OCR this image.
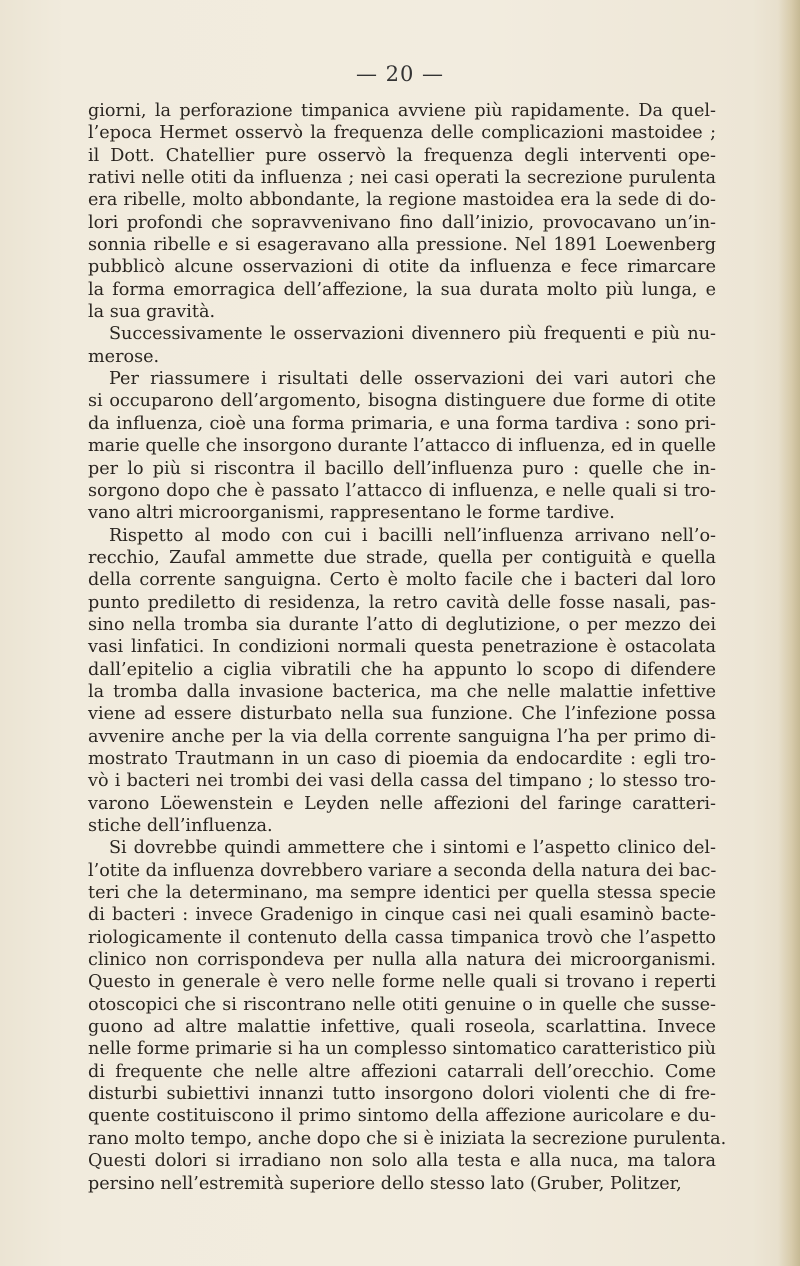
— 20 —

giorni, la perforazione timpanica avviene più rapidamente. Da quel-
l’epoca Hermet osservò la frequenza delle complicazioni mastoidee ;
il Dott. Chatellier pure osservò la frequenza degli interventi ope-
rativi nelle otiti da influenza ; nei casi operati la secrezione purulenta
era ribelle, molto abbondante, la regione mastoidea era la sede di do-
lori profondi che sopravvenivano fino dall’inizio, provocavano un’in-
sonnia ribelle e si esageravano alla pressione. Nel 1891 Loewenberg
pubblicò alcune osservazioni di otite da influenza e fece rimarcare
la forma emorragica dell’affezione, la sua durata molto più lunga, e
la sua gravità.

Successivamente le osservazioni divennero più frequenti e più nu-
merose.

Per riassumere i risultati delle osservazioni dei vari autori che
si occuparono dell’argomento, bisogna distinguere due forme di otite
da influenza, cioè una forma primaria, e una forma tardiva : sono pri-
marie quelle che insorgono durante l’attacco di influenza, ed in quelle
per lo più si riscontra il bacillo dell’influenza puro : quelle che in-
sorgono dopo che è passato l’attacco di influenza, e nelle quali si tro-
vano altri microorganismi, rappresentano le forme tardive.

Rispetto al modo con cui i bacilli nell’influenza arrivano nell’o-
recchio, Zaufal ammette due strade, quella per contiguità e quella
della corrente sanguigna. Certo è molto facile che i bacteri dal loro
punto prediletto di residenza, la retro cavità delle fosse nasali, pas-
sino nella tromba sia durante l’atto di deglutizione, o per mezzo dei
vasi linfatici. In condizioni normali questa penetrazione è ostacolata
dall’epitelio a ciglia vibratili che ha appunto lo scopo di difendere
la tromba dalla invasione bacterica, ma che nelle malattie infettive
viene ad essere disturbato nella sua funzione. Che l’infezione possa
avvenire anche per la via della corrente sanguigna l’ha per primo di-
mostrato Trautmann in un caso di pioemia da endocardite : egli tro-
vò i bacteri nei trombi dei vasi della cassa del timpano ; lo stesso tro-
varono Löewenstein e Leyden nelle affezioni del faringe caratteri-
stiche dell’influenza.

Si dovrebbe quindi ammettere che i sintomi e l’aspetto clinico del-
l’otite da influenza dovrebbero variare a seconda della natura dei bac-
teri che la determinano, ma sempre identici per quella stessa specie
di bacteri : invece Gradenigo in cinque casi nei quali esaminò bacte-
riologicamente il contenuto della cassa timpanica trovò che l’aspetto
clinico non corrispondeva per nulla alla natura dei microorganismi.
Questo in generale è vero nelle forme nelle quali si trovano i reperti
otoscopici che si riscontrano nelle otiti genuine o in quelle che susse-
guono ad altre malattie infettive, quali roseola, scarlattina. Invece
nelle forme primarie si ha un complesso sintomatico caratteristico più
di frequente che nelle altre affezioni catarrali dell’orecchio. Come
disturbi subiettivi innanzi tutto insorgono dolori violenti che di fre-
quente costituiscono il primo sintomo della affezione auricolare e du-
rano molto tempo, anche dopo che si è iniziata la secrezione purulenta.
Questi dolori si irradiano non solo alla testa e alla nuca, ma talora
persino nell’estremità superiore dello stesso lato (Gruber, Politzer,
